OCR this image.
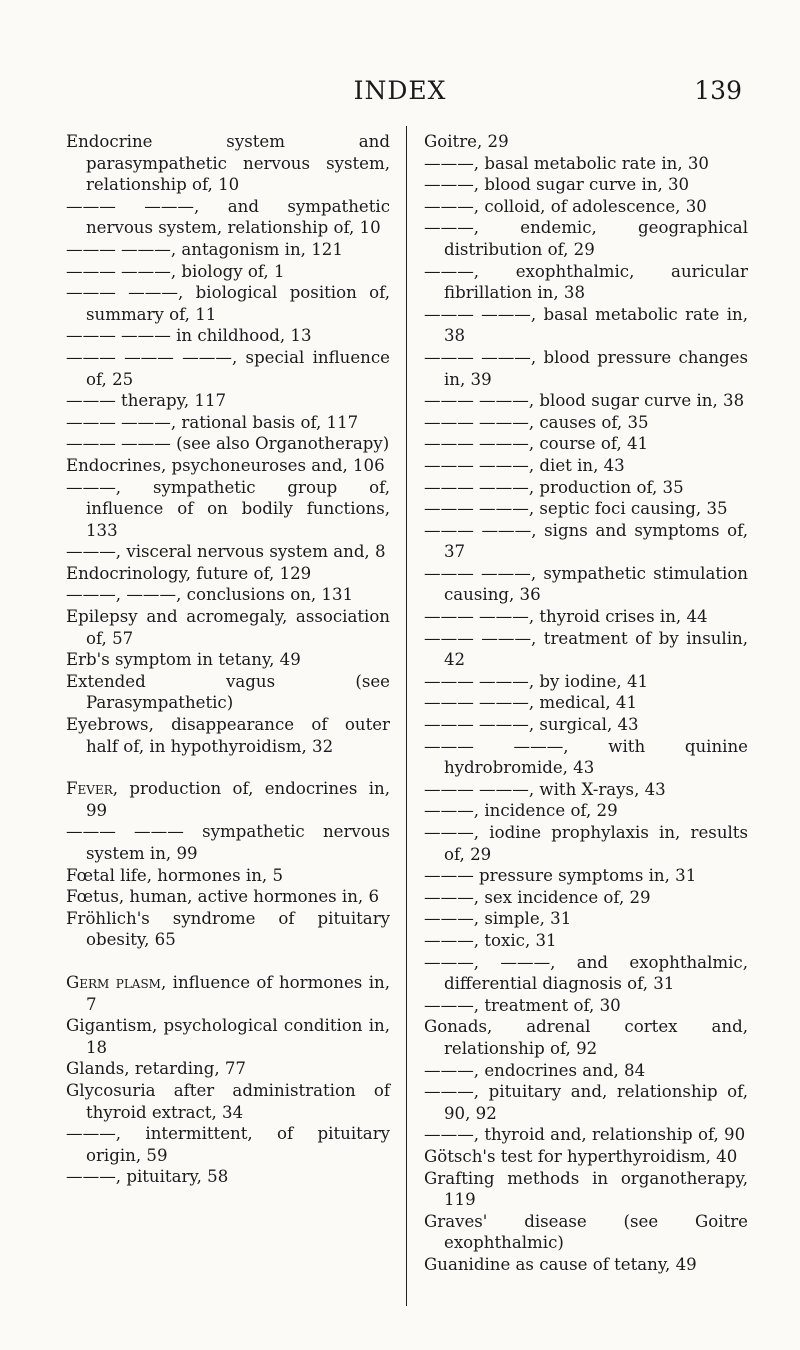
INDEX	139
Endocrine system and parasympathetic nervous system, relationship of, 10
——— ———, and sympathetic nervous system, relationship of, 10
——— ———, antagonism in, 121
——— ———, biology of, 1
——— ———, biological position of, summary of, 11
——— ——— in childhood, 13
——— ——— ———, special influence of, 25
——— therapy, 117
——— ———, rational basis of, 117
——— ——— (see also Organotherapy)
Endocrines, psychoneuroses and, 106
———, sympathetic group of, influence of on bodily functions, 133
———, visceral nervous system and, 8
Endocrinology, future of, 129
———, ———, conclusions on, 131
Epilepsy and acromegaly, association of, 57
Erb's symptom in tetany, 49
Extended vagus (see Parasympathetic)
Eyebrows, disappearance of outer half of, in hypothyroidism, 32
Fever, production of, endocrines in, 99
——— ——— sympathetic nervous system in, 99
Fœtal life, hormones in, 5
Fœtus, human, active hormones in, 6
Fröhlich's syndrome of pituitary obesity, 65
Germ plasm, influence of hormones in, 7
Gigantism, psychological condition in, 18
Glands, retarding, 77
Glycosuria after administration of thyroid extract, 34
———, intermittent, of pituitary origin, 59
———, pituitary, 58
Goitre, 29
———, basal metabolic rate in, 30
———, blood sugar curve in, 30
———, colloid, of adolescence, 30
———, endemic, geographical distribution of, 29
———, exophthalmic, auricular fibrillation in, 38
——— ———, basal metabolic rate in, 38
——— ———, blood pressure changes in, 39
——— ———, blood sugar curve in, 38
——— ———, causes of, 35
——— ———, course of, 41
——— ———, diet in, 43
——— ———, production of, 35
——— ———, septic foci causing, 35
——— ———, signs and symptoms of, 37
——— ———, sympathetic stimulation causing, 36
——— ———, thyroid crises in, 44
——— ———, treatment of by insulin, 42
——— ———, by iodine, 41
——— ———, medical, 41
——— ———, surgical, 43
——— ———, with quinine hydrobromide, 43
——— ———, with X-rays, 43
———, incidence of, 29
———, iodine prophylaxis in, results of, 29
——— pressure symptoms in, 31
———, sex incidence of, 29
———, simple, 31
———, toxic, 31
———, ———, and exophthalmic, differential diagnosis of, 31
———, treatment of, 30
Gonads, adrenal cortex and, relationship of, 92
———, endocrines and, 84
———, pituitary and, relationship of, 90, 92
———, thyroid and, relationship of, 90
Götsch's test for hyperthyroidism, 40
Grafting methods in organotherapy, 119
Graves' disease (see Goitre exophthalmic)
Guanidine as cause of tetany, 49
